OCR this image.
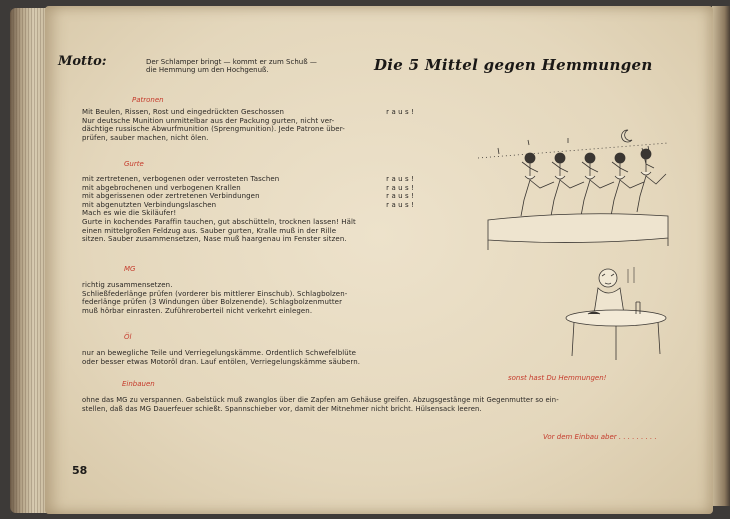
Motto:	Der Schlamper bringt — kommt er zum Schuß —
die Hemmung um den Hochgenuß.	Die 5 Mittel gegen Hemmungen
Patronen
Mit Beulen, Rissen, Rost und eingedrückten Geschossen	r a u s !
Nur deutsche Munition unmittelbar aus der Packung gurten, nicht ver-
dächtige russische Abwurfmunition (Sprengmunition). Jede Patrone über-
prüfen, sauber machen, nicht ölen.
Gurte
mit zertretenen, verbogenen oder verrosteten Taschen	r a u s !
mit abgebrochenen und verbogenen Krallen	r a u s !
mit abgerissenen oder zertretenen Verbindungen	r a u s !
mit abgenutzten Verbindungslaschen	r a u s !
Mach es wie die Skiläufer!
Gurte in kochendes Paraffin tauchen, gut abschütteln, trocknen lassen! Hält
einen mittelgroßen Feldzug aus. Sauber gurten, Kralle muß in der Rille
sitzen. Sauber zusammensetzen, Nase muß haargenau im Fenster sitzen.
MG
richtig zusammensetzen.
Schließfederlänge prüfen (vorderer bis mittlerer Einschub). Schlagbolzen-
federlänge prüfen (3 Windungen über Bolzenende). Schlagbolzenmutter
muß hörbar einrasten. Zuführeroberteil nicht verkehrt einlegen.
Öl
nur an bewegliche Teile und Verriegelungskämme. Ordentlich Schwefelblüte
oder besser etwas Motoröl dran. Lauf entölen, Verriegelungskämme säubern.
Einbauen
ohne das MG zu verspannen. Gabelstück muß zwanglos über die Zapfen am Gehäuse greifen. Abzugsgestänge mit Gegenmutter so ein-
stellen, daß das MG Dauerfeuer schießt. Spannschieber vor, damit der Mitnehmer nicht bricht. Hülsensack leeren.
sonst hast Du Hemmungen!
Vor dem Einbau aber . . . . . . . . .
58
